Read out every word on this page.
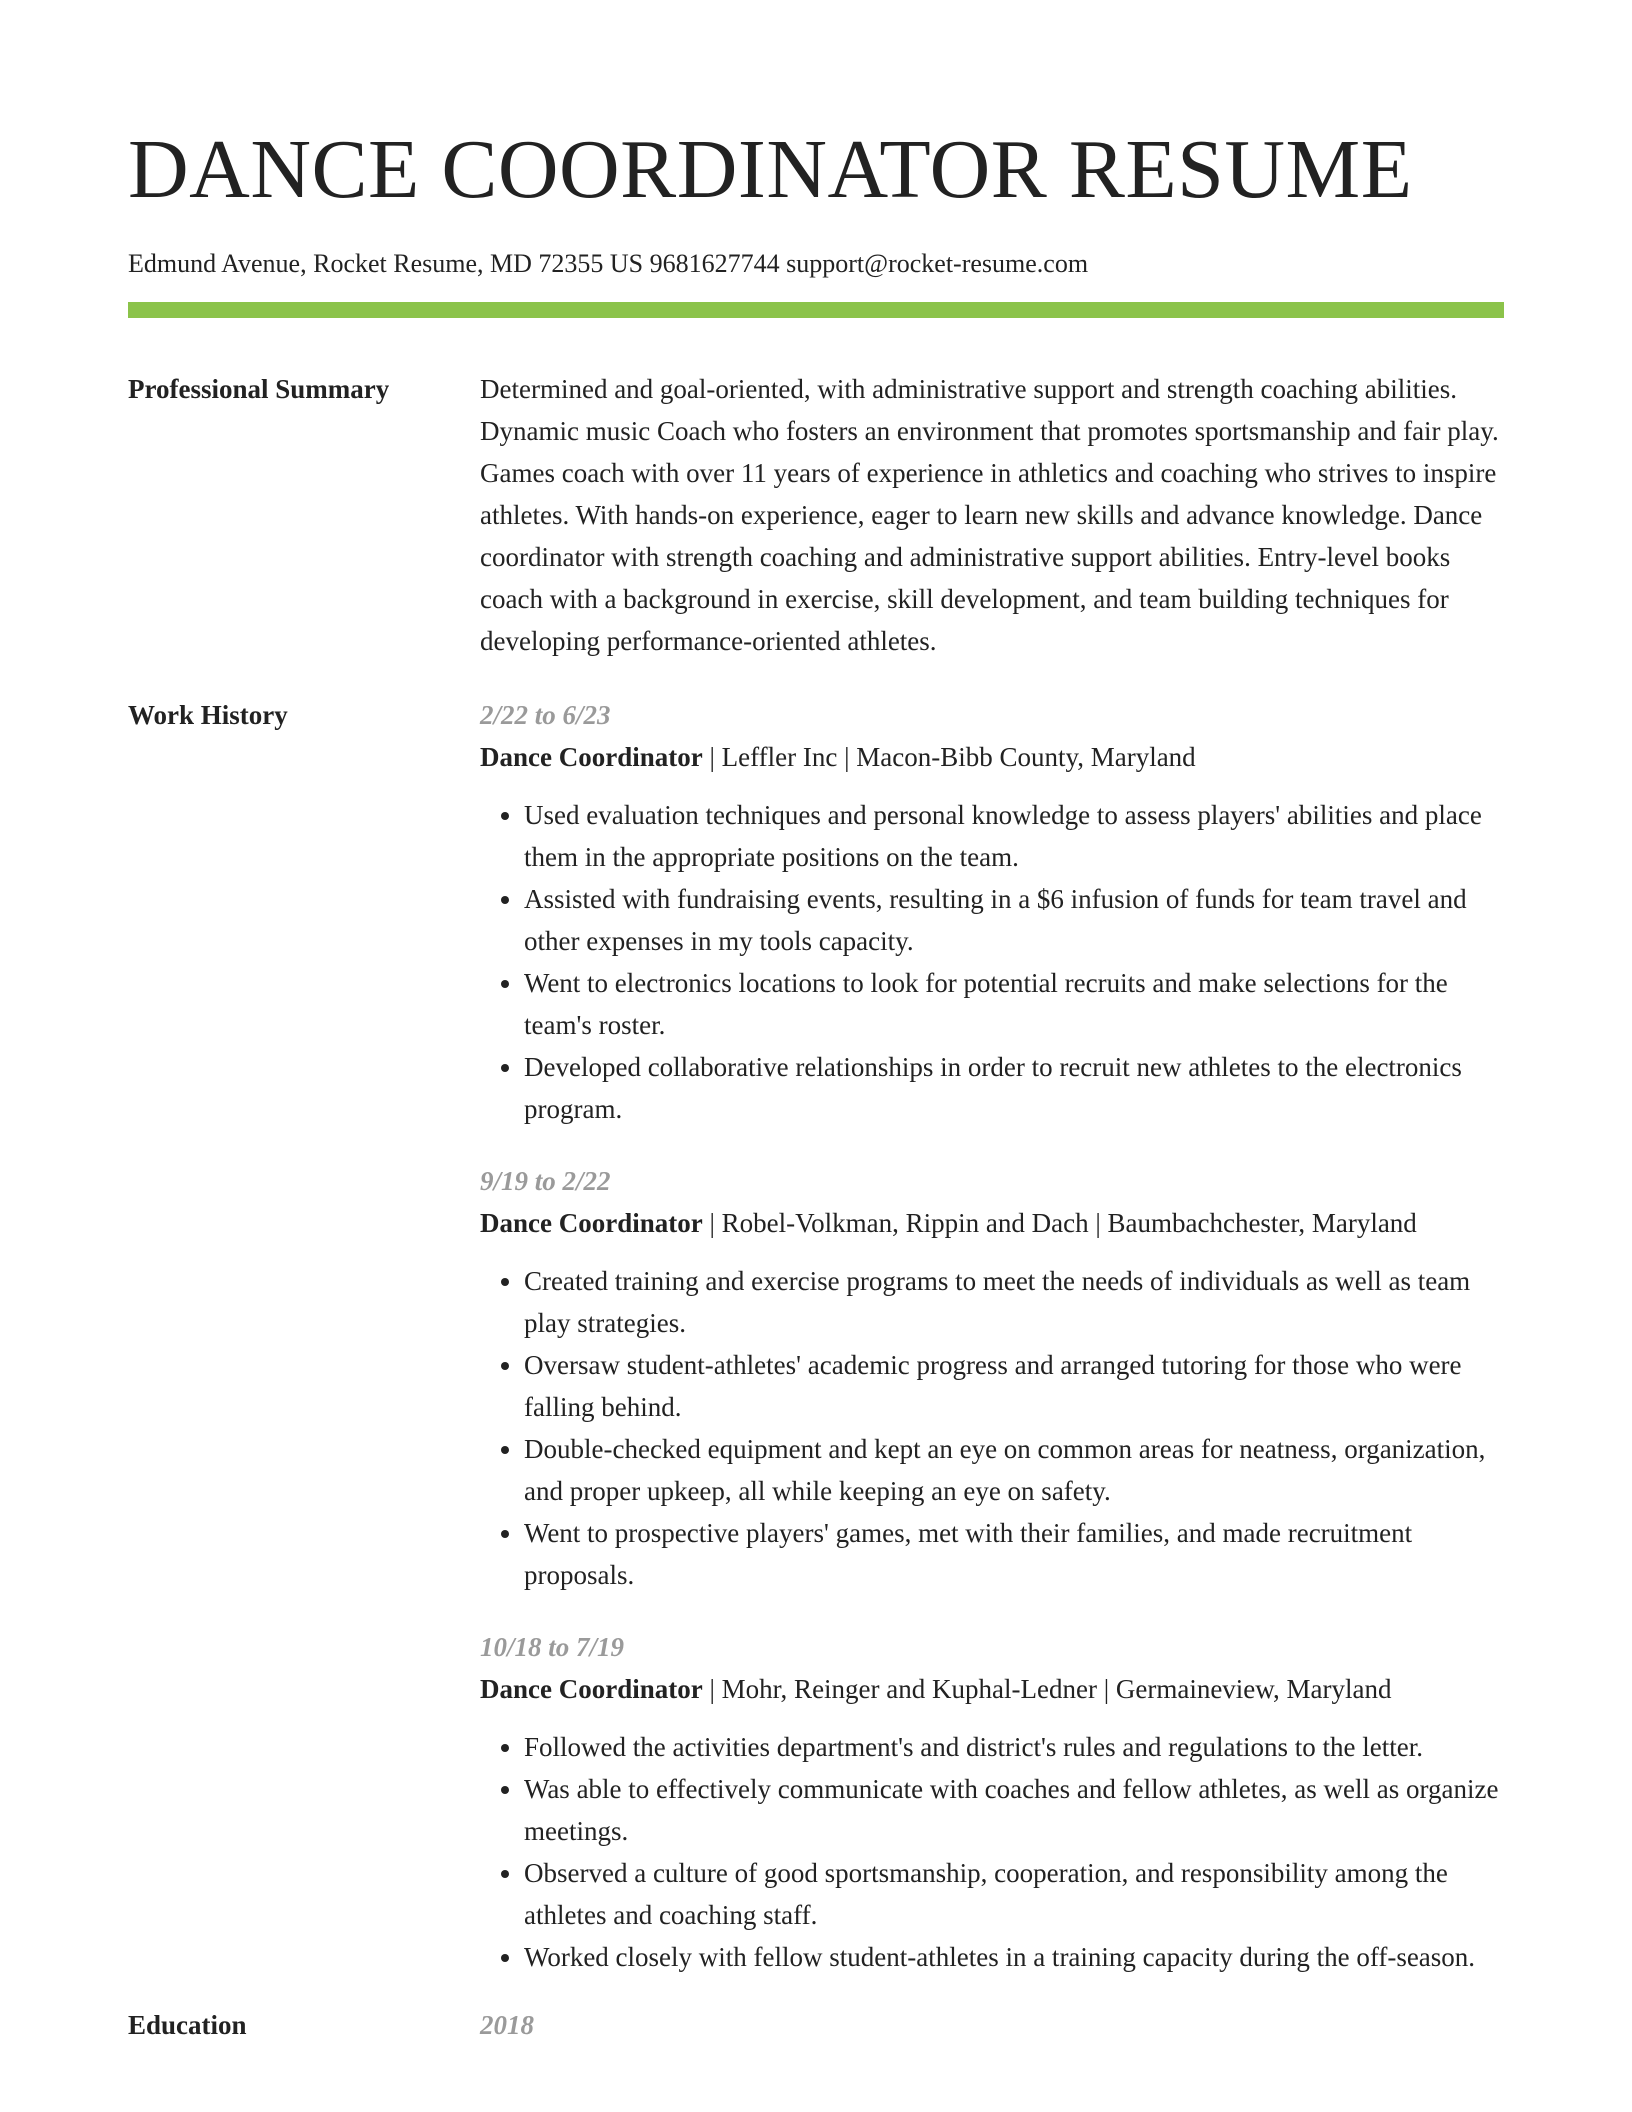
DANCE COORDINATOR RESUME
Edmund Avenue, Rocket Resume, MD 72355 US 9681627744 support@rocket-resume.com
Professional Summary	Determined and goal-oriented, with administrative support and strength coaching abilities. Dynamic music Coach who fosters an environment that promotes sportsmanship and fair play. Games coach with over 11 years of experience in athletics and coaching who strives to inspire athletes. With hands-on experience, eager to learn new skills and advance knowledge. Dance coordinator with strength coaching and administrative support abilities. Entry-level books coach with a background in exercise, skill development, and team building techniques for developing performance-oriented athletes.

Work History	2/22 to 6/23
Dance Coordinator | Leffler Inc | Macon-Bibb County, Maryland
• Used evaluation techniques and personal knowledge to assess players' abilities and place them in the appropriate positions on the team.
• Assisted with fundraising events, resulting in a $6 infusion of funds for team travel and other expenses in my tools capacity.
• Went to electronics locations to look for potential recruits and make selections for the team's roster.
• Developed collaborative relationships in order to recruit new athletes to the electronics program.
9/19 to 2/22
Dance Coordinator | Robel-Volkman, Rippin and Dach | Baumbachchester, Maryland
• Created training and exercise programs to meet the needs of individuals as well as team play strategies.
• Oversaw student-athletes' academic progress and arranged tutoring for those who were falling behind.
• Double-checked equipment and kept an eye on common areas for neatness, organization, and proper upkeep, all while keeping an eye on safety.
• Went to prospective players' games, met with their families, and made recruitment proposals.
10/18 to 7/19
Dance Coordinator | Mohr, Reinger and Kuphal-Ledner | Germaineview, Maryland
• Followed the activities department's and district's rules and regulations to the letter.
• Was able to effectively communicate with coaches and fellow athletes, as well as organize meetings.
• Observed a culture of good sportsmanship, cooperation, and responsibility among the athletes and coaching staff.
• Worked closely with fellow student-athletes in a training capacity during the off-season.
Education	2018
